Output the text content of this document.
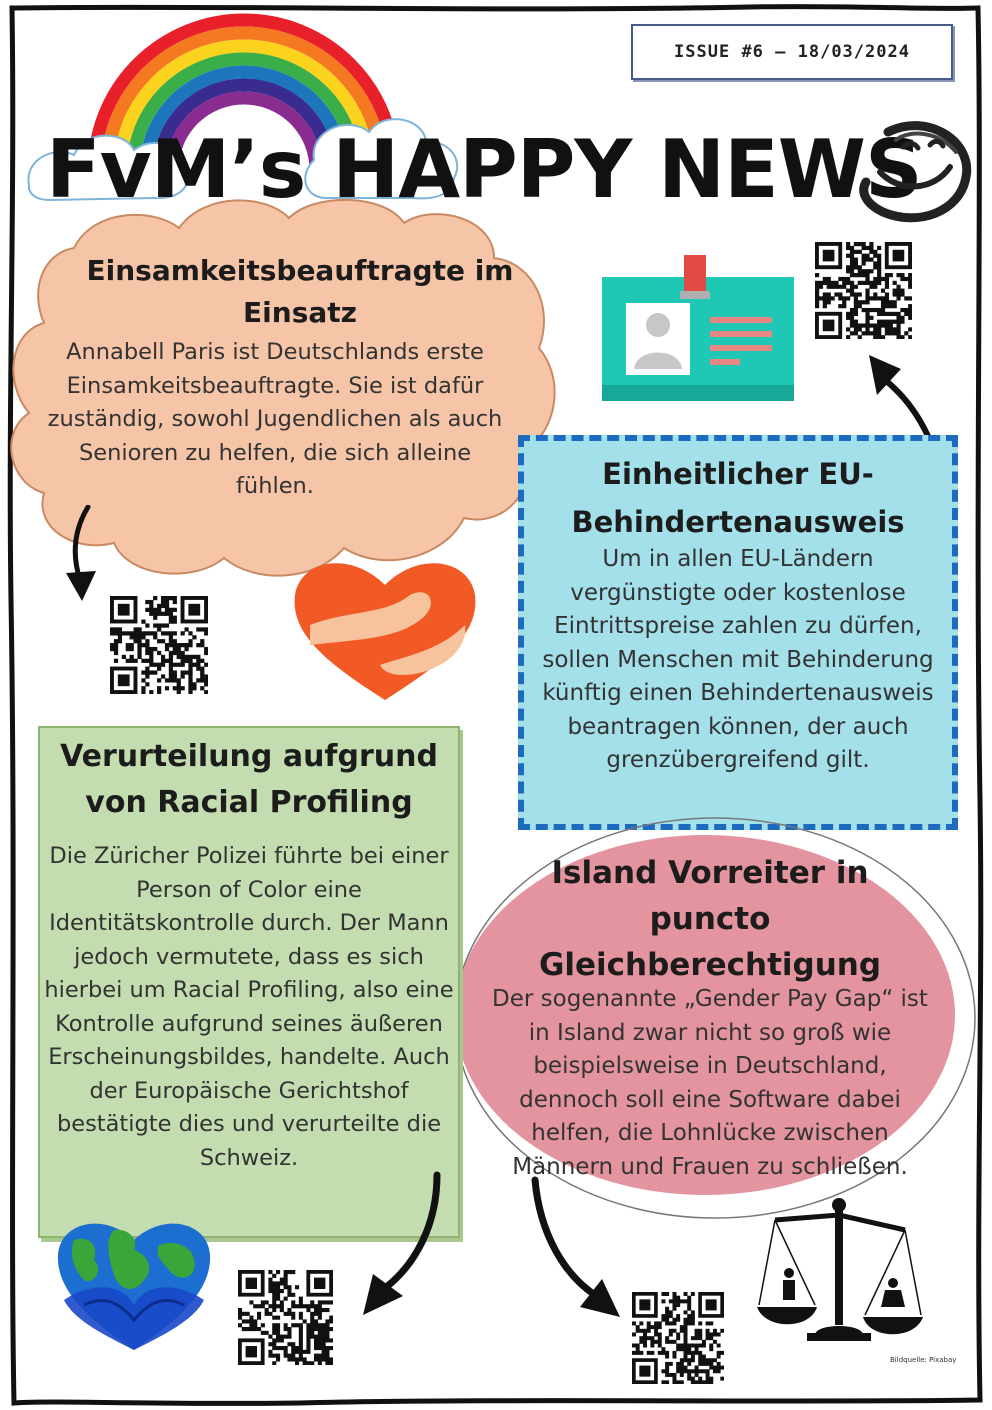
ISSUE #6 – 18/03/2024
FvM’s HAPPY NEWS
Einsamkeitsbeauftragte im Einsatz
Annabell Paris ist Deutschlands erste Einsamkeitsbeauftragte. Sie ist dafür zuständig, sowohl Jugendlichen als auch Senioren zu helfen, die sich alleine fühlen.	Einheitlicher EU-Behindertenausweis
Um in allen EU-Ländern vergünstigte oder kostenlose Eintrittspreise zahlen zu dürfen, sollen Menschen mit Behinderung künftig einen Behindertenausweis beantragen können, der auch grenzübergreifend gilt.
Island Vorreiter in puncto Gleichberechtigung
Der sogenannte „Gender Pay Gap“ ist in Island zwar nicht so groß wie beispielsweise in Deutschland, dennoch soll eine Software dabei helfen, die Lohnlücke zwischen Männern und Frauen zu schließen.
Verurteilung aufgrund von Racial Profiling
Die Züricher Polizei führte bei einer Person of Color eine Identitätskontrolle durch. Der Mann jedoch vermutete, dass es sich hierbei um Racial Profiling, also eine Kontrolle aufgrund seines äußeren Erscheinungsbildes, handelte. Auch der Europäische Gerichtshof bestätigte dies und verurteilte die Schweiz.
Bildquelle: Pixabay
